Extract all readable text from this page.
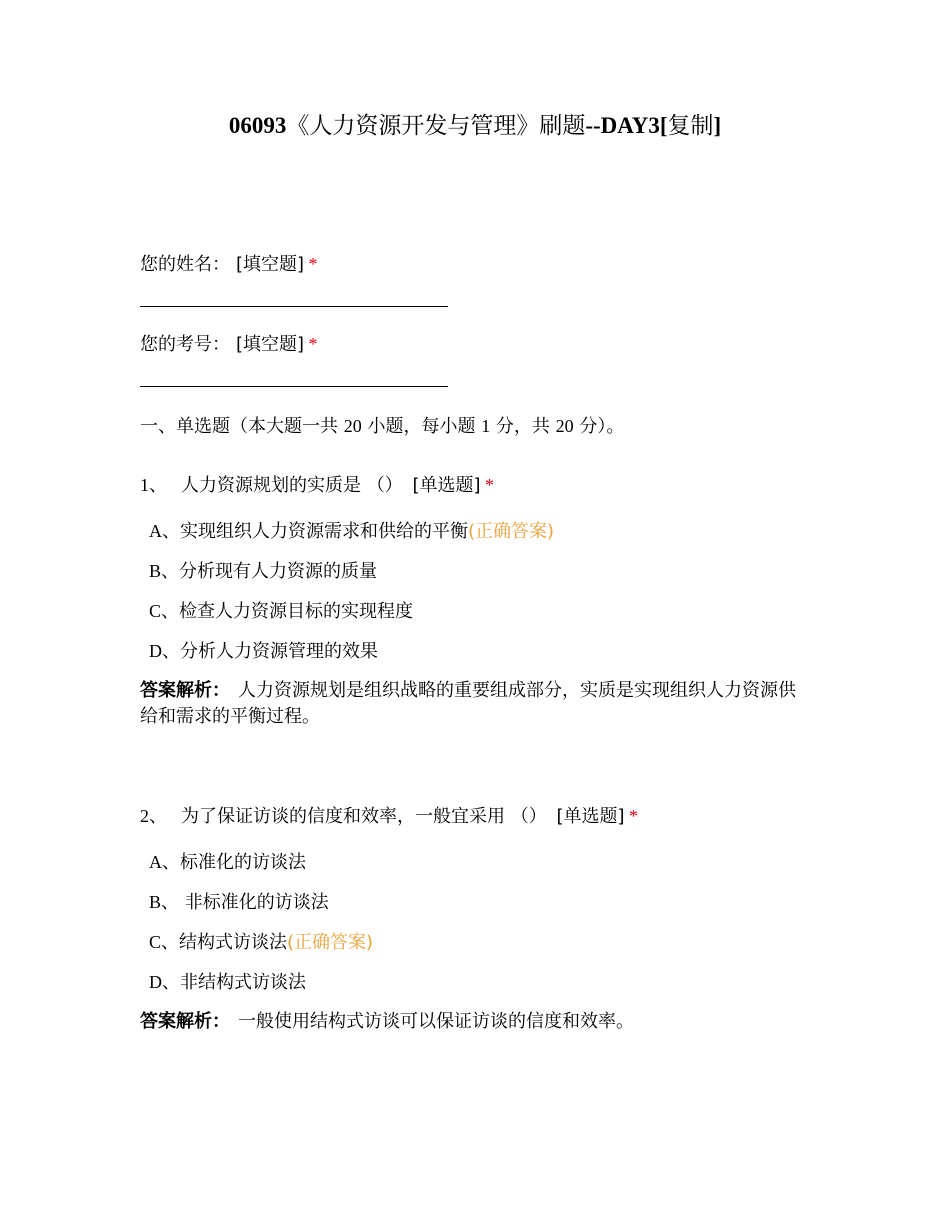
06093《人力资源开发与管理》刷题--DAY3[复制]
您的姓名： [填空题] *
您的考号： [填空题] *
一、单选题（本大题一共 20 小题，每小题 1 分，共 20 分）。
1、 人力资源规划的实质是 （） [单选题] *
A、实现组织人力资源需求和供给的平衡(正确答案)
B、分析现有人力资源的质量
C、检查人力资源目标的实现程度
D、分析人力资源管理的效果
答案解析： 人力资源规划是组织战略的重要组成部分，实质是实现组织人力资源供给和需求的平衡过程。
2、 为了保证访谈的信度和效率，一般宜采用 （） [单选题] *
A、标准化的访谈法
B、 非标准化的访谈法
C、结构式访谈法(正确答案)
D、非结构式访谈法
答案解析： 一般使用结构式访谈可以保证访谈的信度和效率。
